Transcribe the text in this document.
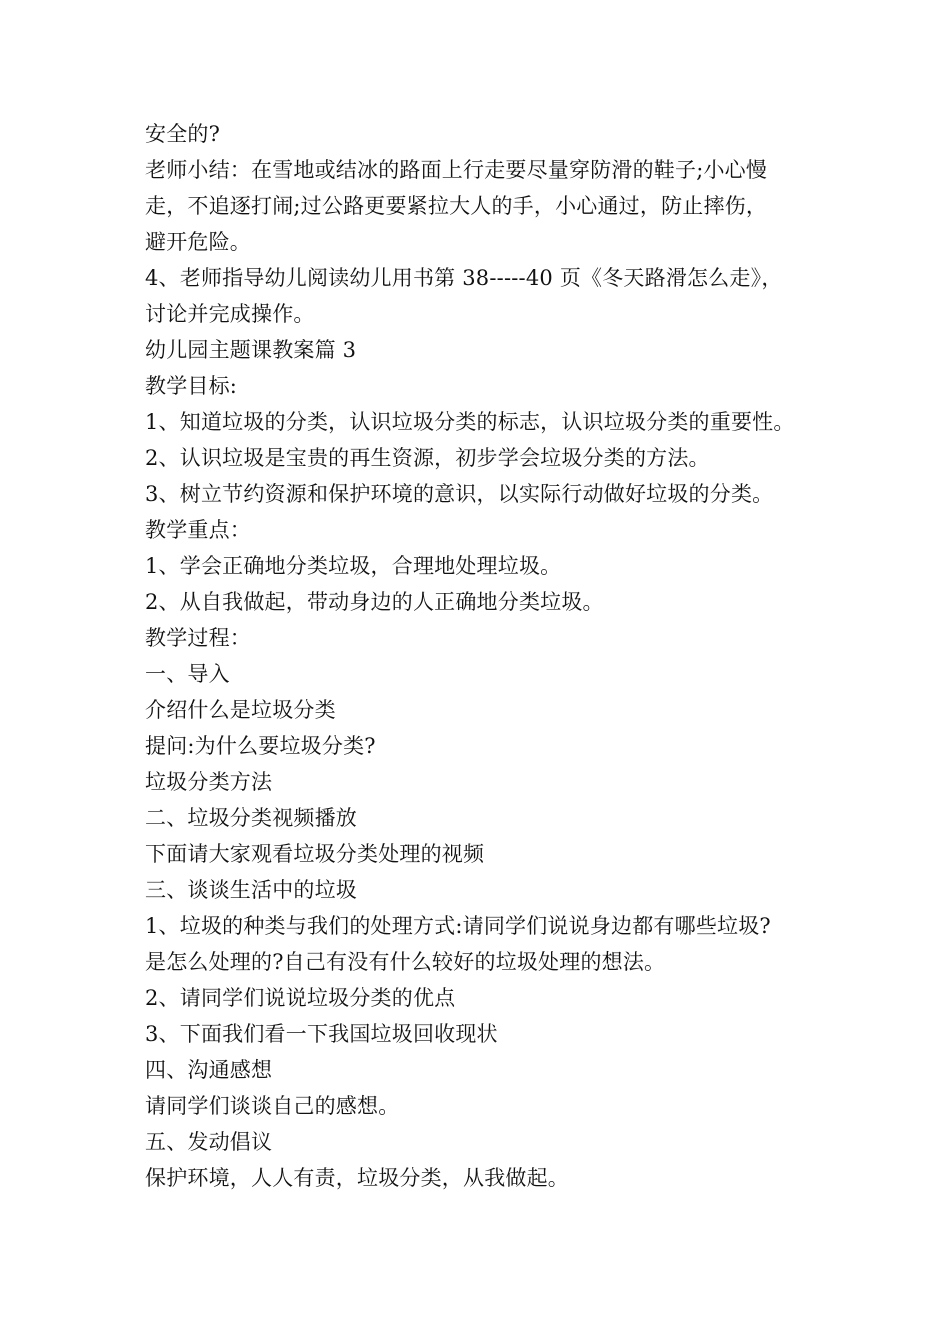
安全的?
老师小结：在雪地或结冰的路面上行走要尽量穿防滑的鞋子;小心慢
走，不追逐打闹;过公路更要紧拉大人的手，小心通过，防止摔伤，
避开危险。
4、老师指导幼儿阅读幼儿用书第 38-----40 页《冬天路滑怎么走》，
讨论并完成操作。
幼儿园主题课教案篇 3
教学目标:
1、知道垃圾的分类，认识垃圾分类的标志，认识垃圾分类的重要性。
2、认识垃圾是宝贵的再生资源，初步学会垃圾分类的方法。
3、树立节约资源和保护环境的意识，以实际行动做好垃圾的分类。
教学重点：
1、学会正确地分类垃圾，合理地处理垃圾。
2、从自我做起，带动身边的人正确地分类垃圾。
教学过程：
一、导入
介绍什么是垃圾分类
提问:为什么要垃圾分类?
垃圾分类方法
二、垃圾分类视频播放
下面请大家观看垃圾分类处理的视频
三、谈谈生活中的垃圾
1、垃圾的种类与我们的处理方式:请同学们说说身边都有哪些垃圾?
是怎么处理的?自己有没有什么较好的垃圾处理的想法。
2、请同学们说说垃圾分类的优点
3、下面我们看一下我国垃圾回收现状
四、沟通感想
请同学们谈谈自己的感想。
五、发动倡议
保护环境，人人有责，垃圾分类，从我做起。
